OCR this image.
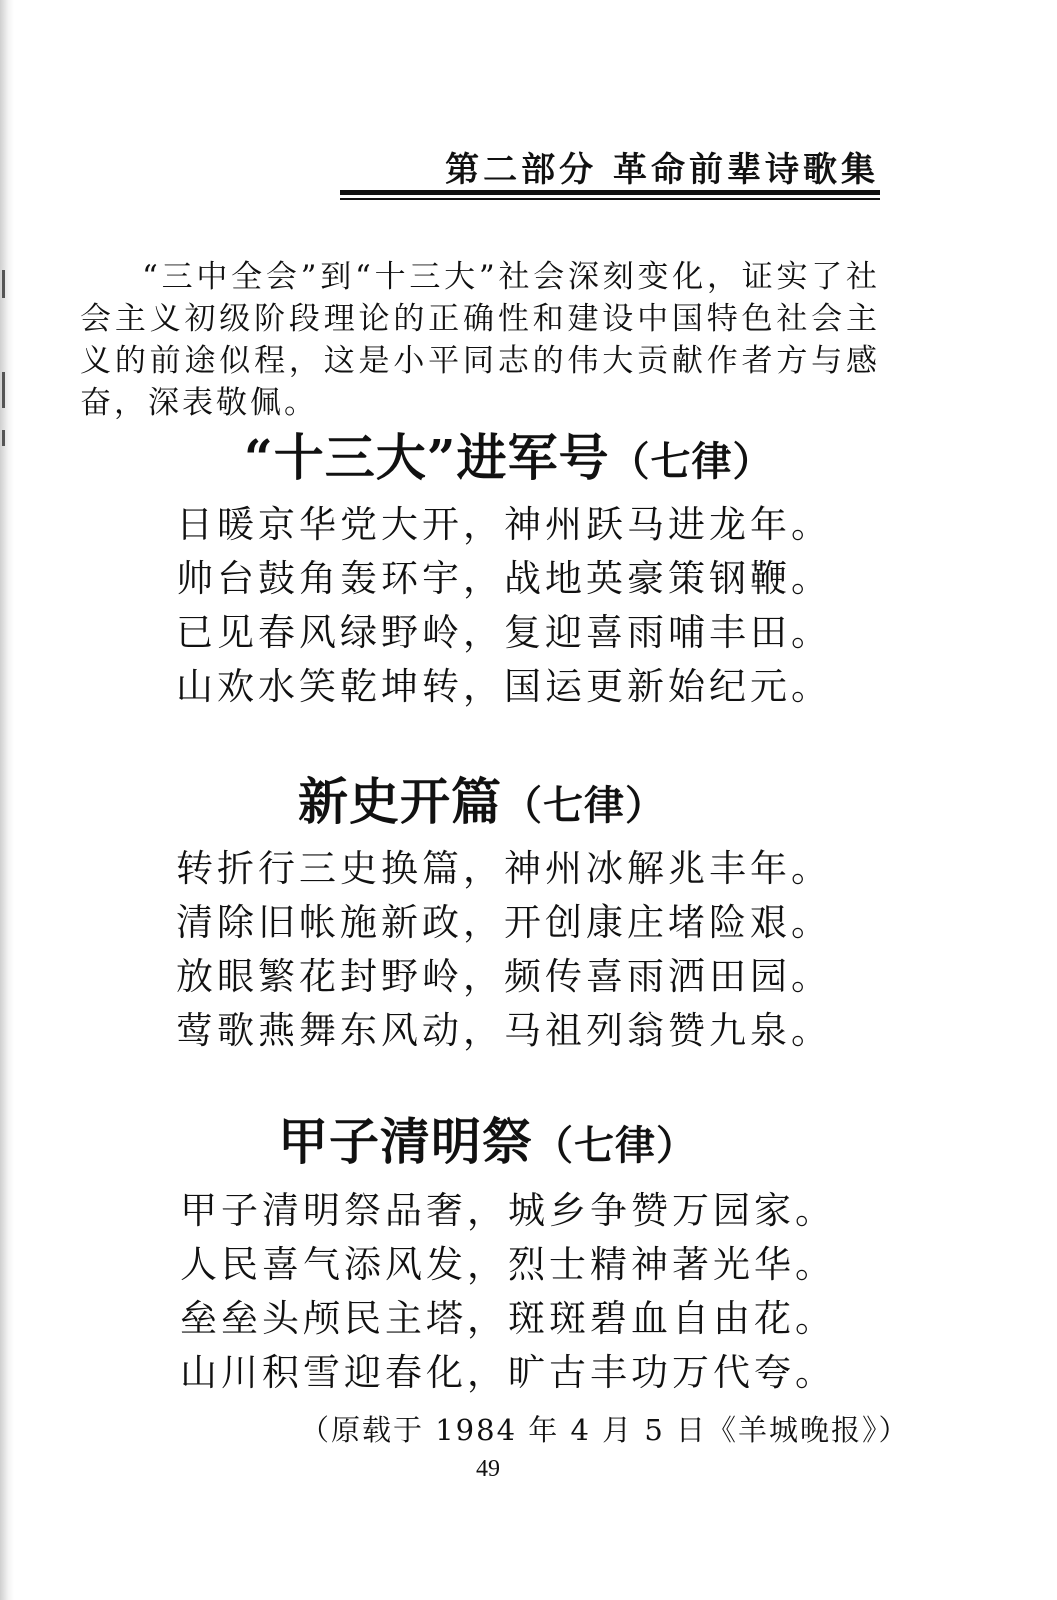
第二部分 革命前辈诗歌集
“三中全会”到“十三大”社会深刻变化，证实了社会主义初级阶段理论的正确性和建设中国特色社会主义的前途似程，这是小平同志的伟大贡献作者方与感奋，深表敬佩。
“十三大”进军号（七律）
日暖京华党大开，神州跃马进龙年。
帅台鼓角轰环宇，战地英豪策钢鞭。
已见春风绿野岭，复迎喜雨哺丰田。
山欢水笑乾坤转，国运更新始纪元。
新史开篇（七律）
转折行三史换篇，神州冰解兆丰年。
清除旧帐施新政，开创康庄堵险艰。
放眼繁花封野岭，频传喜雨洒田园。
莺歌燕舞东风动，马祖列翁赞九泉。
甲子清明祭（七律）
甲子清明祭品奢，城乡争赞万园家。
人民喜气添风发，烈士精神著光华。
垒垒头颅民主塔，斑斑碧血自由花。
山川积雪迎春化，旷古丰功万代夸。
（原载于 1984 年 4 月 5 日《羊城晚报》）
49
